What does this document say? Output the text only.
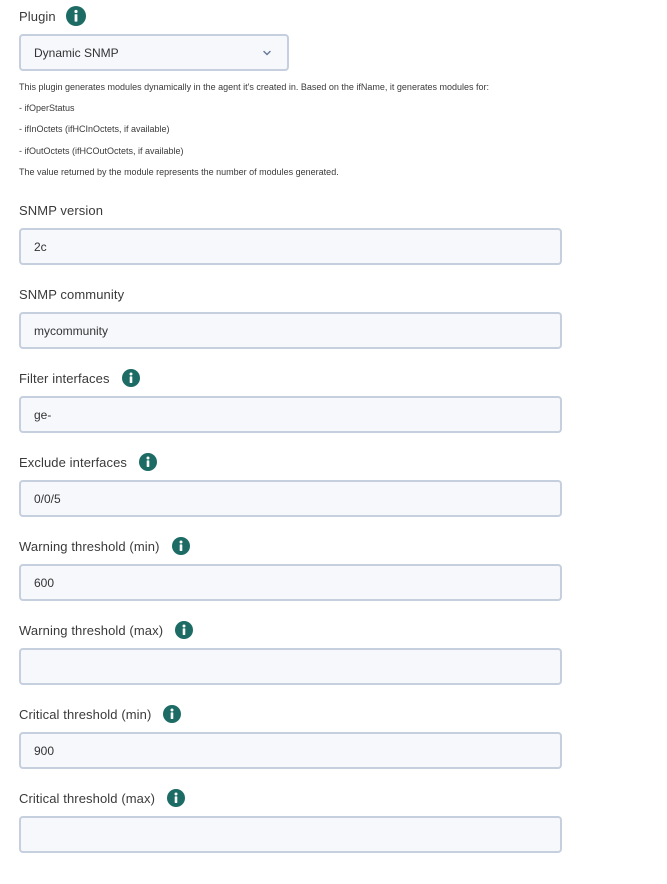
Plugin
Dynamic SNMP
This plugin generates modules dynamically in the agent it's created in. Based on the ifName, it generates modules for:
- ifOperStatus
- ifInOctets (ifHCInOctets, if available)
- ifOutOctets (ifHCOutOctets, if available)
The value returned by the module represents the number of modules generated.
SNMP version
2c
SNMP community
mycommunity
Filter interfaces
ge-
Exclude interfaces
0/0/5
Warning threshold (min)
600
Warning threshold (max)
Critical threshold (min)
900
Critical threshold (max)
